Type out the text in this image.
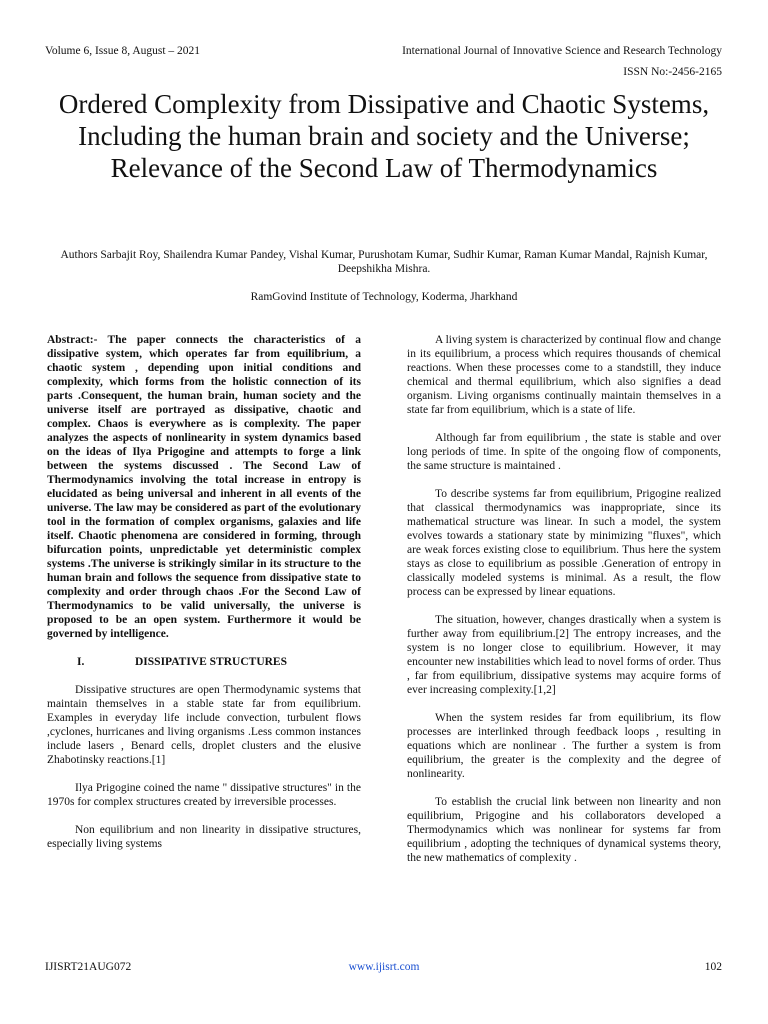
Volume 6, Issue 8, August – 2021	International Journal of Innovative Science and Research Technology
ISSN No:-2456-2165
Ordered Complexity from Dissipative and Chaotic Systems, Including the human brain and society and the Universe; Relevance of the Second Law of Thermodynamics
Authors Sarbajit Roy, Shailendra Kumar Pandey, Vishal Kumar, Purushotam Kumar, Sudhir Kumar, Raman Kumar Mandal, Rajnish Kumar, Deepshikha Mishra.
RamGovind Institute of Technology, Koderma, Jharkhand

Abstract:- The paper connects the characteristics of a dissipative system, which operates far from equilibrium, a chaotic system , depending upon initial conditions and complexity, which forms from the holistic connection of its parts .Consequent, the human brain, human society and the universe itself are portrayed as dissipative, chaotic and complex. Chaos is everywhere as is complexity. The paper analyzes the aspects of nonlinearity in system dynamics based on the ideas of Ilya Prigogine and attempts to forge a link between the systems discussed . The Second Law of Thermodynamics involving the total increase in entropy is elucidated as being universal and inherent in all events of the universe. The law may be considered as part of the evolutionary tool in the formation of complex organisms, galaxies and life itself. Chaotic phenomena are considered in forming, through bifurcation points, unpredictable yet deterministic complex systems .The universe is strikingly similar in its structure to the human brain and follows the sequence from dissipative state to complexity and order through chaos .For the Second Law of Thermodynamics to be valid universally, the universe is proposed to be an open system. Furthermore it would be governed by intelligence.

I.	DISSIPATIVE STRUCTURES

Dissipative structures are open Thermodynamic systems that maintain themselves in a stable state far from equilibrium. Examples in everyday life include convection, turbulent flows ,cyclones, hurricanes and living organisms .Less common instances include lasers , Benard cells, droplet clusters and the elusive Zhabotinsky reactions.[1]

Ilya Prigogine coined the name " dissipative structures" in the 1970s for complex structures created by irreversible processes.

Non equilibrium and non linearity in dissipative structures, especially living systems

A living system is characterized by continual flow and change in its equilibrium, a process which requires thousands of chemical reactions. When these processes come to a standstill, they induce chemical and thermal equilibrium, which also signifies a dead organism. Living organisms continually maintain themselves in a state far from equilibrium, which is a state of life.

Although far from equilibrium , the state is stable and over long periods of time. In spite of the ongoing flow of components, the same structure is maintained .

To describe systems far from equilibrium, Prigogine realized that classical thermodynamics was inappropriate, since its mathematical structure was linear. In such a model, the system evolves towards a stationary state by minimizing "fluxes", which are weak forces existing close to equilibrium. Thus here the system stays as close to equilibrium as possible .Generation of entropy in classically modeled systems is minimal. As a result, the flow process can be expressed by linear equations.

The situation, however, changes drastically when a system is further away from equilibrium.[2] The entropy increases, and the system is no longer close to equilibrium. However, it may encounter new instabilities which lead to novel forms of order. Thus , far from equilibrium, dissipative systems may acquire forms of ever increasing complexity.[1,2]

When the system resides far from equilibrium, its flow processes are interlinked through feedback loops , resulting in equations which are nonlinear . The further a system is from equilibrium, the greater is the complexity and the degree of nonlinearity.

To establish the crucial link between non linearity and non equilibrium, Prigogine and his collaborators developed a Thermodynamics which was nonlinear for systems far from equilibrium , adopting the techniques of dynamical systems theory, the new mathematics of complexity .

IJISRT21AUG072	www.ijisrt.com	102
